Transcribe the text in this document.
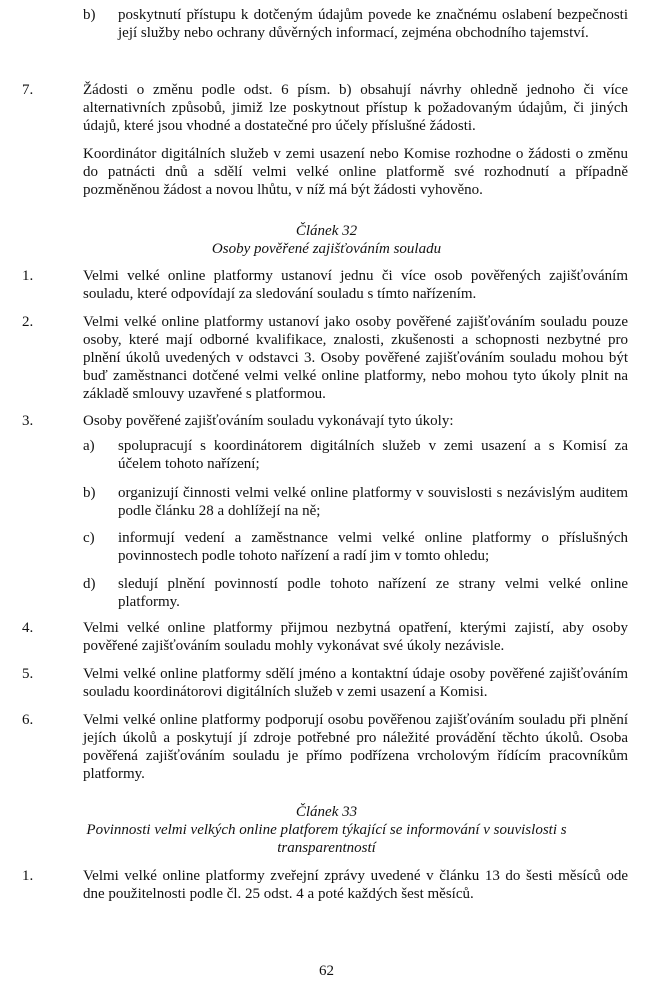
b) poskytnutí přístupu k dotčeným údajům povede ke značnému oslabení bezpečnosti její služby nebo ochrany důvěrných informací, zejména obchodního tajemství.
7.	Žádosti o změnu podle odst. 6 písm. b) obsahují návrhy ohledně jednoho či více alternativních způsobů, jimiž lze poskytnout přístup k požadovaným údajům, či jiných údajů, které jsou vhodné a dostatečné pro účely příslušné žádosti.
Koordinátor digitálních služeb v zemi usazení nebo Komise rozhodne o žádosti o změnu do patnácti dnů a sdělí velmi velké online platformě své rozhodnutí a případně pozměněnou žádost a novou lhůtu, v níž má být žádosti vyhověno.
Článek 32
Osoby pověřené zajišťováním souladu
1.	Velmi velké online platformy ustanoví jednu či více osob pověřených zajišťováním souladu, které odpovídají za sledování souladu s tímto nařízením.
2.	Velmi velké online platformy ustanoví jako osoby pověřené zajišťováním souladu pouze osoby, které mají odborné kvalifikace, znalosti, zkušenosti a schopnosti nezbytné pro plnění úkolů uvedených v odstavci 3. Osoby pověřené zajišťováním souladu mohou být buď zaměstnanci dotčené velmi velké online platformy, nebo mohou tyto úkoly plnit na základě smlouvy uzavřené s platformou.
3.	Osoby pověřené zajišťováním souladu vykonávají tyto úkoly:
a) spolupracují s koordinátorem digitálních služeb v zemi usazení a s Komisí za účelem tohoto nařízení;
b) organizují činnosti velmi velké online platformy v souvislosti s nezávislým auditem podle článku 28 a dohlížejí na ně;
c) informují vedení a zaměstnance velmi velké online platformy o příslušných povinnostech podle tohoto nařízení a radí jim v tomto ohledu;
d) sledují plnění povinností podle tohoto nařízení ze strany velmi velké online platformy.
4.	Velmi velké online platformy přijmou nezbytná opatření, kterými zajistí, aby osoby pověřené zajišťováním souladu mohly vykonávat své úkoly nezávisle.
5.	Velmi velké online platformy sdělí jméno a kontaktní údaje osoby pověřené zajišťováním souladu koordinátorovi digitálních služeb v zemi usazení a Komisi.
6.	Velmi velké online platformy podporují osobu pověřenou zajišťováním souladu při plnění jejích úkolů a poskytují jí zdroje potřebné pro náležité provádění těchto úkolů. Osoba pověřená zajišťováním souladu je přímo podřízena vrcholovým řídícím pracovníkům platformy.
Článek 33
Povinnosti velmi velkých online platforem týkající se informování v souvislosti s transparentností
1.	Velmi velké online platformy zveřejní zprávy uvedené v článku 13 do šesti měsíců ode dne použitelnosti podle čl. 25 odst. 4 a poté každých šest měsíců.
62
